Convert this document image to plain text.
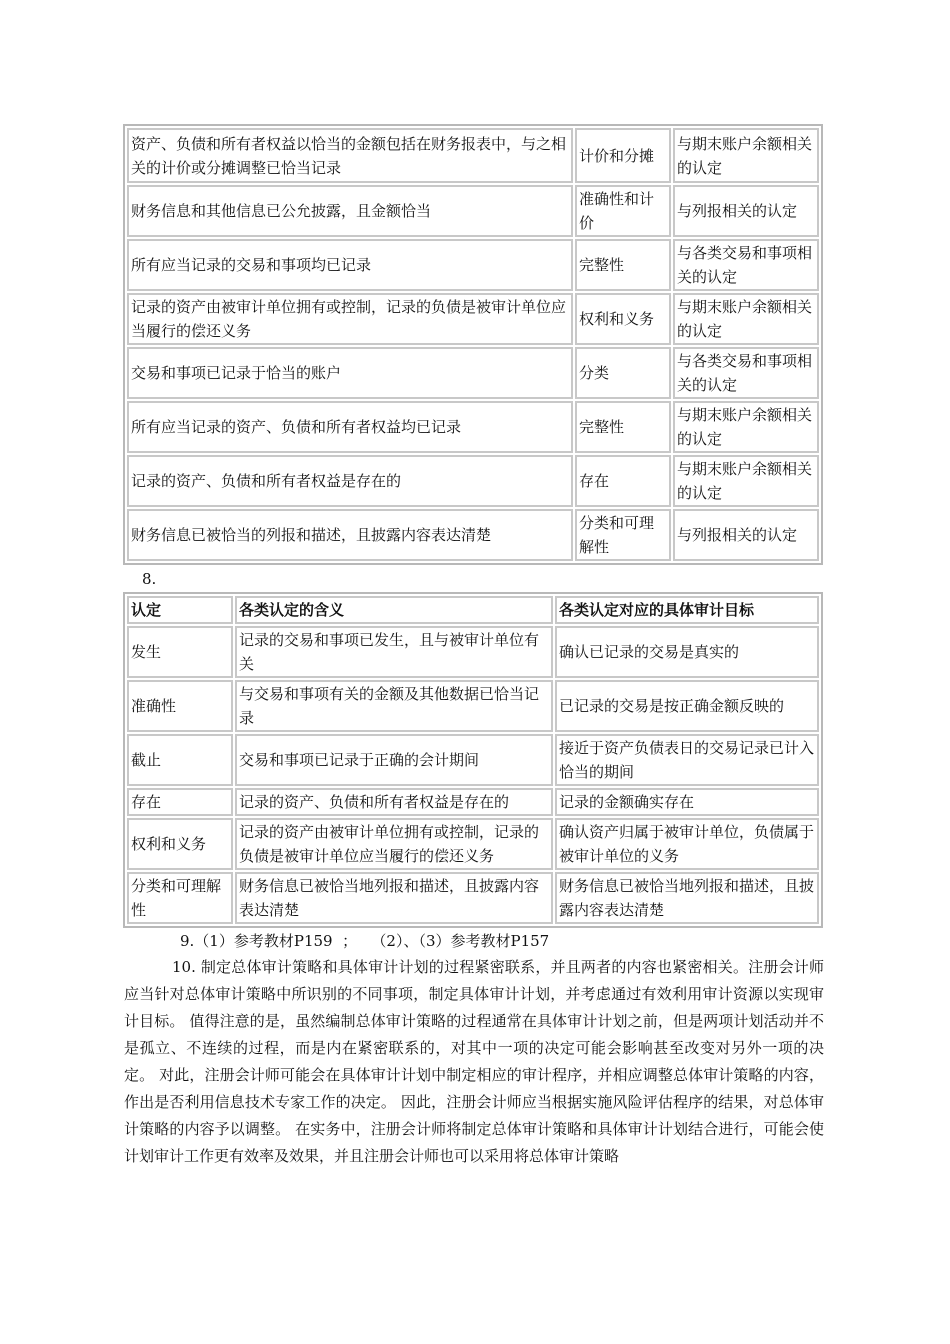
资产、负债和所有者权益以恰当的金额包括在财务报表中，与之相关的计价或分摊调整已恰当记录	计价和分摊	与期末账户余额相关的认定
财务信息和其他信息已公允披露，且金额恰当	准确性和计价	与列报相关的认定
所有应当记录的交易和事项均已记录	完整性	与各类交易和事项相关的认定
记录的资产由被审计单位拥有或控制，记录的负债是被审计单位应当履行的偿还义务	权利和义务	与期末账户余额相关的认定
交易和事项已记录于恰当的账户	分类	与各类交易和事项相关的认定
所有应当记录的资产、负债和所有者权益均已记录	完整性	与期末账户余额相关的认定
记录的资产、负债和所有者权益是存在的	存在	与期末账户余额相关的认定
财务信息已被恰当的列报和描述，且披露内容表达清楚	分类和可理解性	与列报相关的认定
8.
认定	各类认定的含义	各类认定对应的具体审计目标
发生	记录的交易和事项已发生，且与被审计单位有关	确认已记录的交易是真实的
准确性	与交易和事项有关的金额及其他数据已恰当记录	已记录的交易是按正确金额反映的
截止	交易和事项已记录于正确的会计期间	接近于资产负债表日的交易记录已计入恰当的期间
存在	记录的资产、负债和所有者权益是存在的	记录的金额确实存在
权利和义务	记录的资产由被审计单位拥有或控制，记录的负债是被审计单位应当履行的偿还义务	确认资产归属于被审计单位，负债属于被审计单位的义务
分类和可理解性	财务信息已被恰当地列报和描述，且披露内容表达清楚	财务信息已被恰当地列报和描述，且披露内容表达清楚
9.（1）参考教材P159  ；   （2）、（3）参考教材P157

10. 制定总体审计策略和具体审计计划的过程紧密联系，并且两者的内容也紧密相关。注册会计师应当针对总体审计策略中所识别的不同事项，制定具体审计计划，并考虑通过有效利用审计资源以实现审计目标。 值得注意的是，虽然编制总体审计策略的过程通常在具体审计计划之前，但是两项计划活动并不是孤立、不连续的过程，而是内在紧密联系的，对其中一项的决定可能会影响甚至改变对另外一项的决定。 对此，注册会计师可能会在具体审计计划中制定相应的审计程序，并相应调整总体审计策略的内容，作出是否利用信息技术专家工作的决定。 因此，注册会计师应当根据实施风险评估程序的结果，对总体审计策略的内容予以调整。 在实务中，注册会计师将制定总体审计策略和具体审计计划结合进行，可能会使计划审计工作更有效率及效果，并且注册会计师也可以采用将总体审计策略
